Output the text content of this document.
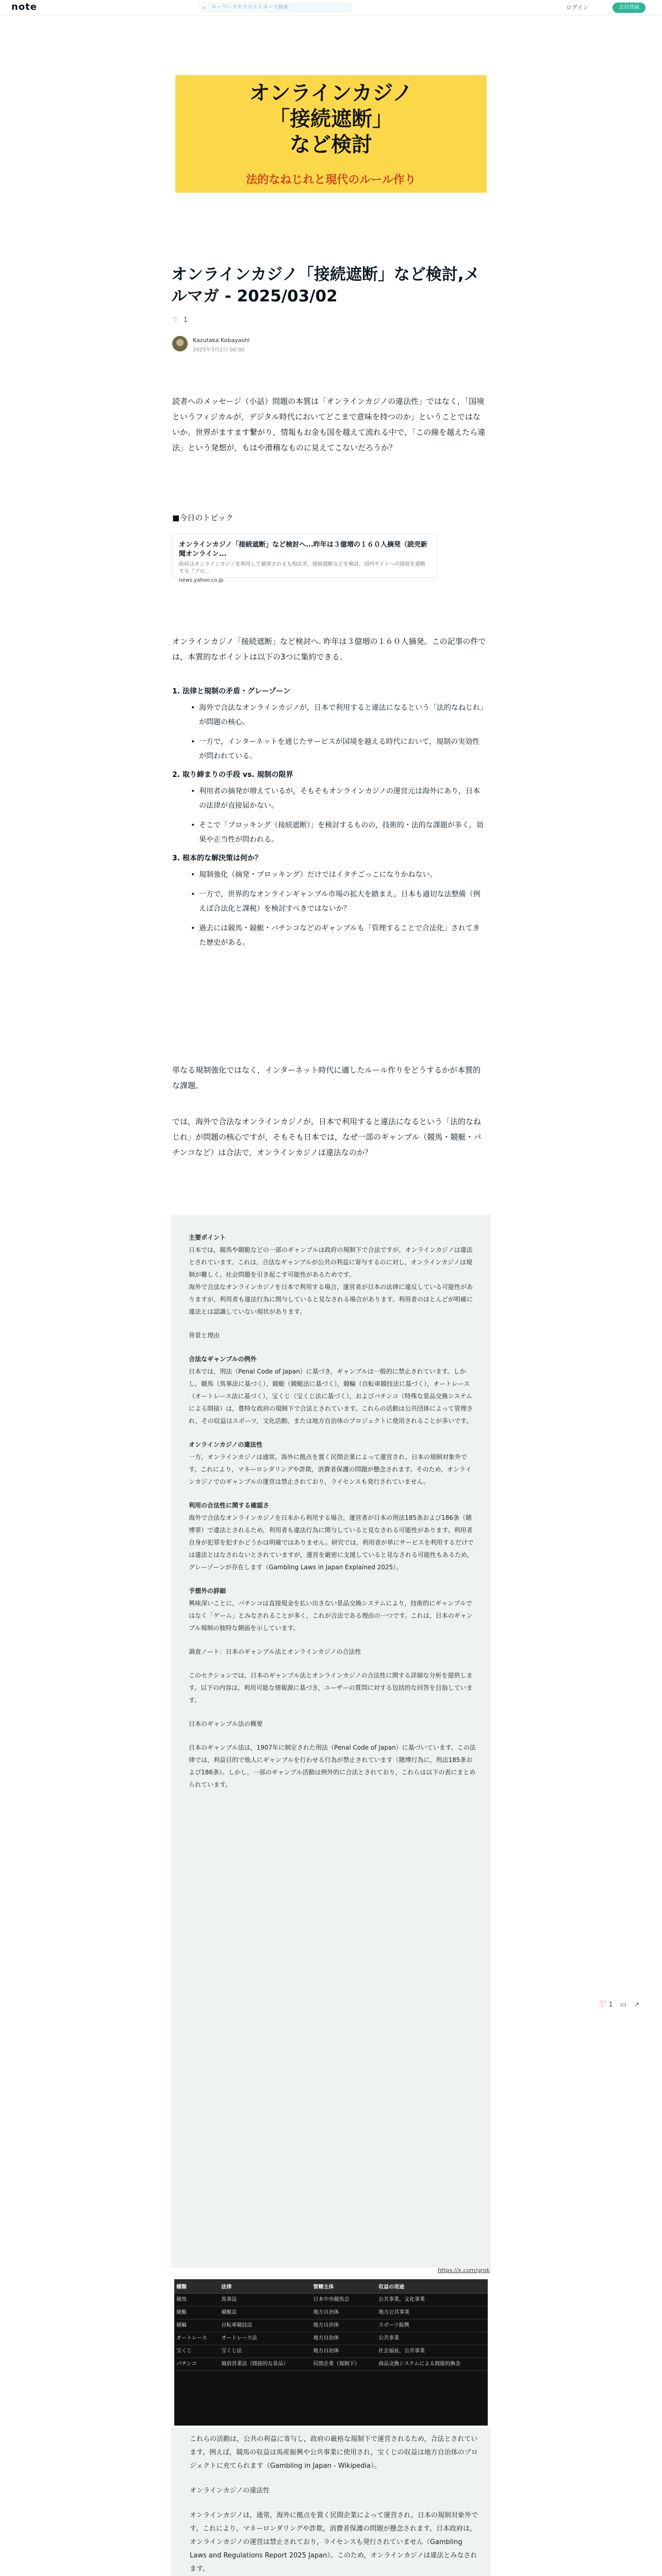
note	⌕ キーワードやクリエイターで検索	ログイン	会員登録
オンラインカジノ
「接続遮断」
など検討
法的なねじれと現代のルール作り
オンラインカジノ「接続遮断」など検討,メルマガ - 2025/03/02
♡ 1
Kazutaka Kobayashi
2025年3月2日 00:00
読者へのメッセージ（小話）問題の本質は「オンラインカジノの違法性」ではなく，「国境というフィジカルが，デジタル時代においてどこまで意味を持つのか」ということではないか。世界がますます繋がり，情報もお金も国を越えて流れる中で，「この線を越えたら違法」という発想が，もはや滑稽なものに見えてこないだろうか？
■今日のトピック
オンラインカジノ「接続遮断」など検討へ...昨年は３億増の１６０人摘発（読売新聞オンライン...
政府はオンラインカジノを利用して摘発されるも相次ぎ，接続遮断などを検討。国内サイトへの接続を遮断する『ブロ...
news.yahoo.co.jp
オンラインカジノ「接続遮断」など検討へ. 昨年は３億増の１６０人摘発。この記事の件では，本質的なポイントは以下の3つに集約できる。
1. 法律と規制の矛盾・グレーゾーン
• 海外で合法なオンラインカジノが，日本で利用すると違法になるという「法的なねじれ」が問題の核心。
• 一方で，インターネットを通じたサービスが国境を越える時代において，規制の実効性が問われている。
2. 取り締まりの手段 vs. 規制の限界
• 利用者の摘発が増えているが，そもそもオンラインカジノの運営元は海外にあり，日本の法律が直接届かない。
• そこで「ブロッキング（接続遮断）」を検討するものの，技術的・法的な課題が多く，効果や正当性が問われる。
3. 根本的な解決策は何か？
• 規制強化（摘発・ブロッキング）だけではイタチごっこになりかねない。
• 一方で，世界的なオンラインギャンブル市場の拡大を踏まえ，日本も適切な法整備（例えば合法化と課税）を検討すべきではないか？
• 過去には競馬・競艇・パチンコなどのギャンブルも「管理することで合法化」されてきた歴史がある。
単なる規制強化ではなく，インターネット時代に適したルール作りをどうするかが本質的な課題。
では，海外で合法なオンラインカジノが，日本で利用すると違法になるという「法的なねじれ」が問題の核心ですが，そもそも日本では，なぜ一部のギャンブル（競馬・競艇・パチンコなど）は合法で，オンラインカジノは違法なのか？
主要ポイント
日本では，競馬や競艇などの一部のギャンブルは政府の規制下で合法ですが，オンラインカジノは違法とされています。これは，合法なギャンブルが公共の利益に寄与するのに対し，オンラインカジノは規制が難しく，社会問題を引き起こす可能性があるためです。
海外で合法なオンラインカジノを日本で利用する場合，運営者が日本の法律に違反している可能性がありますが，利用者も違法行為に関与していると見なされる場合があります。利用者のほとんどが明確に違法とは認識していない現状があります。
背景と理由
合法なギャンブルの例外
日本では，刑法（Penal Code of Japan）に基づき，ギャンブルは一般的に禁止されています。しかし，競馬（馬事法に基づく），競艇（競艇法に基づく），競輪（自転車競技法に基づく），オートレース（オートレース法に基づく），宝くじ（宝くじ法に基づく），およびパチンコ（特殊な景品交換システムによる間接）は，豊特な政府の規制下で合法とされています。これらの活動は公共団体によって管理され，その収益はスポーツ，文化活動，または地方自治体のプロジェクトに使用されることが多いです。
オンラインカジノの違法性
一方，オンラインカジノは通常，海外に拠点を置く民間企業によって運営され，日本の規制対象外です。これにより，マネーロンダリングや詐欺，消費者保護の問題が懸念されます。そのため，オンラインカジノでのギャンブルの運営は禁止されており，ライセンスも発行されていません。
利用の合法性に関する確認さ
海外で合法なオンラインカジノを日本から利用する場合，運営者が日本の刑法185条および186条（賭博罪）で違法とされるため，利用者も違法行為に関与していると見なされる可能性があります。利用者自身が犯罪を犯すかどうかは明確ではありません。研究では，利用者が単にサービスを利用するだけでは違法とはなされないとされていますが，運営を厳密に支援していると見なされる可能性もあるため，グレーゾーンが存在します（Gambling Laws in Japan Explained 2025）。
予想外の詳細
興味深いことに，パチンコは直接現金を払い出さない景品交換システムにより，技術的にギャンブルではなく「ゲーム」とみなされることが多く，これが合法である理由の一つです。これは，日本のギャンブル規制の独特な側面を示しています。
調査ノート：日本のギャンブル法とオンラインカジノの合法性
このセクションでは，日本のギャンブル法とオンラインカジノの合法性に関する詳細な分析を提供します。以下の内容は，利用可能な情報源に基づき，ユーザーの質問に対する包括的な回答を目指しています。
日本のギャンブル法の概要
日本のギャンブル法は，1907年に制定された刑法（Penal Code of Japan）に基づいています。この法律では，利益目的で他人にギャンブルを行わせる行為が禁止されています（賭博行為に，刑法185条および186条）。しかし，一部のギャンブル活動は例外的に合法とされており，これらは以下の表にまとめられています。
https://x.com/grok
種類	法律	管轄主体	収益の用途
競馬	馬事法	日本中央競馬会	公共事業，文化事業
競艇	競艇法	地方自治体	地方公共事業
競輪	自転車競技法	地方自治体	スポーツ振興
オートレース	オートレース法	地方自治体	公共事業
宝くじ	宝くじ法	地方自治体	社会福祉，公共事業
パチンコ	風俗営業法（間接的な景品）	民間企業（規制下）	商品交換システムによる間接的換金
これらの活動は，公共の利益に寄与し，政府の厳格な規制下で運営されるため，合法とされています。例えば，競馬の収益は馬産振興や公共事業に使用され，宝くじの収益は地方自治体のプロジェクトに充てられます（Gambling in Japan - Wikipedia）。
オンラインカジノの違法性
オンラインカジノは，通常，海外に拠点を置く民間企業によって運営され，日本の規制対象外です。これにより，マネーロンダリングや詐欺，消費者保護の問題が懸念されます。日本政府は，オンラインカジノの運営は禁止されており，ライセンスも発行されていません（Gambling Laws and Regulations Report 2025 Japan）。このため，オンラインカジノは違法とみなされます。
♡ 1 ▭ ↗
